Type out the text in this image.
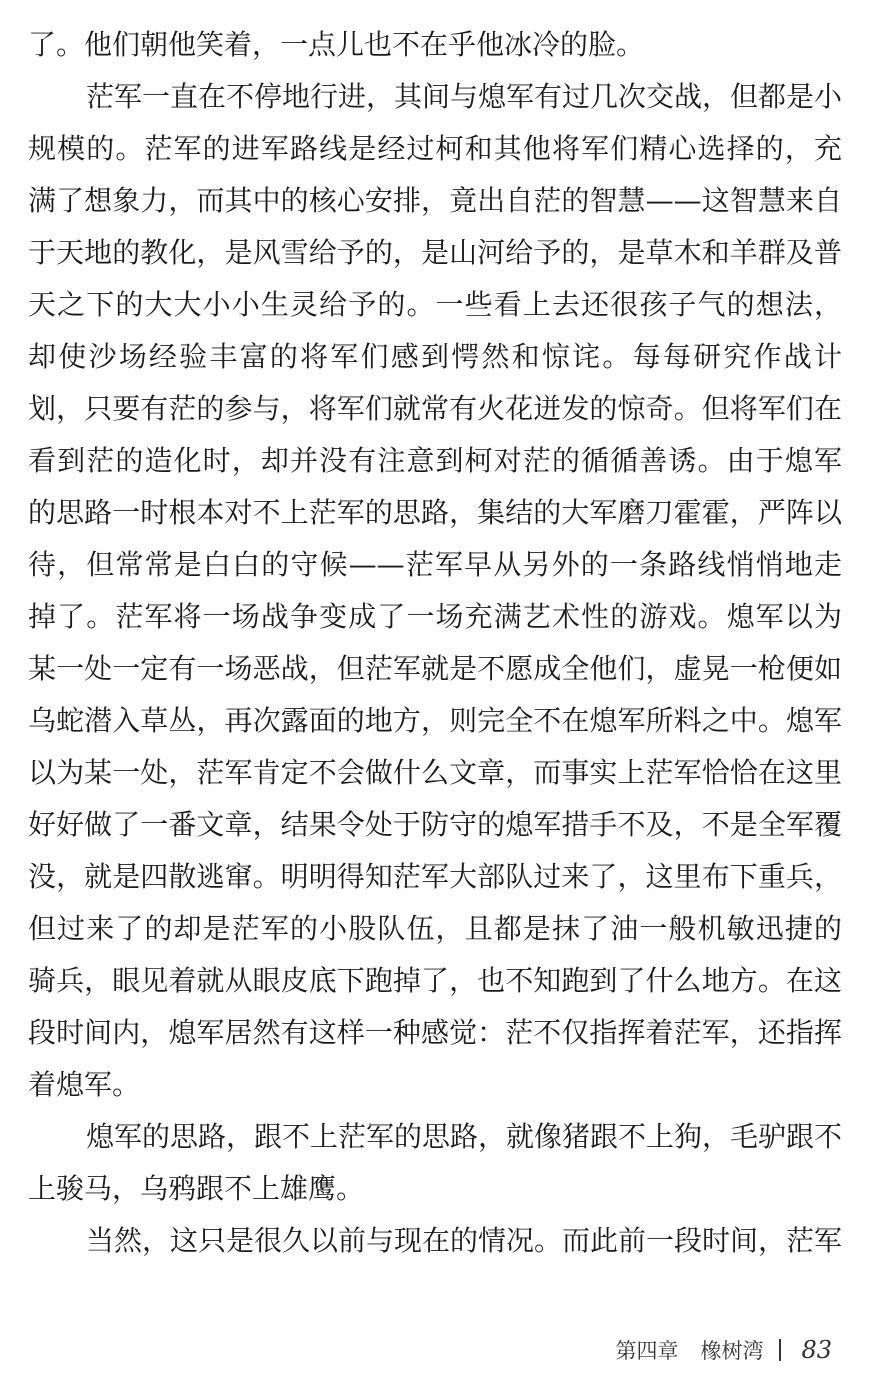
了。他们朝他笑着，一点儿也不在乎他冰冷的脸。
茫军一直在不停地行进，其间与熄军有过几次交战，但都是小
规模的。茫军的进军路线是经过柯和其他将军们精心选择的，充
满了想象力，而其中的核心安排，竟出自茫的智慧——这智慧来自
于天地的教化，是风雪给予的，是山河给予的，是草木和羊群及普
天之下的大大小小生灵给予的。一些看上去还很孩子气的想法，
却使沙场经验丰富的将军们感到愕然和惊诧。每每研究作战计
划，只要有茫的参与，将军们就常有火花迸发的惊奇。但将军们在
看到茫的造化时，却并没有注意到柯对茫的循循善诱。由于熄军
的思路一时根本对不上茫军的思路，集结的大军磨刀霍霍，严阵以
待，但常常是白白的守候——茫军早从另外的一条路线悄悄地走
掉了。茫军将一场战争变成了一场充满艺术性的游戏。熄军以为
某一处一定有一场恶战，但茫军就是不愿成全他们，虚晃一枪便如
乌蛇潜入草丛，再次露面的地方，则完全不在熄军所料之中。熄军
以为某一处，茫军肯定不会做什么文章，而事实上茫军恰恰在这里
好好做了一番文章，结果令处于防守的熄军措手不及，不是全军覆
没，就是四散逃窜。明明得知茫军大部队过来了，这里布下重兵，
但过来了的却是茫军的小股队伍，且都是抹了油一般机敏迅捷的
骑兵，眼见着就从眼皮底下跑掉了，也不知跑到了什么地方。在这
段时间内，熄军居然有这样一种感觉：茫不仅指挥着茫军，还指挥
着熄军。
熄军的思路，跟不上茫军的思路，就像猪跟不上狗，毛驴跟不
上骏马，乌鸦跟不上雄鹰。
当然，这只是很久以前与现在的情况。而此前一段时间，茫军
第四章 橡树湾 83
